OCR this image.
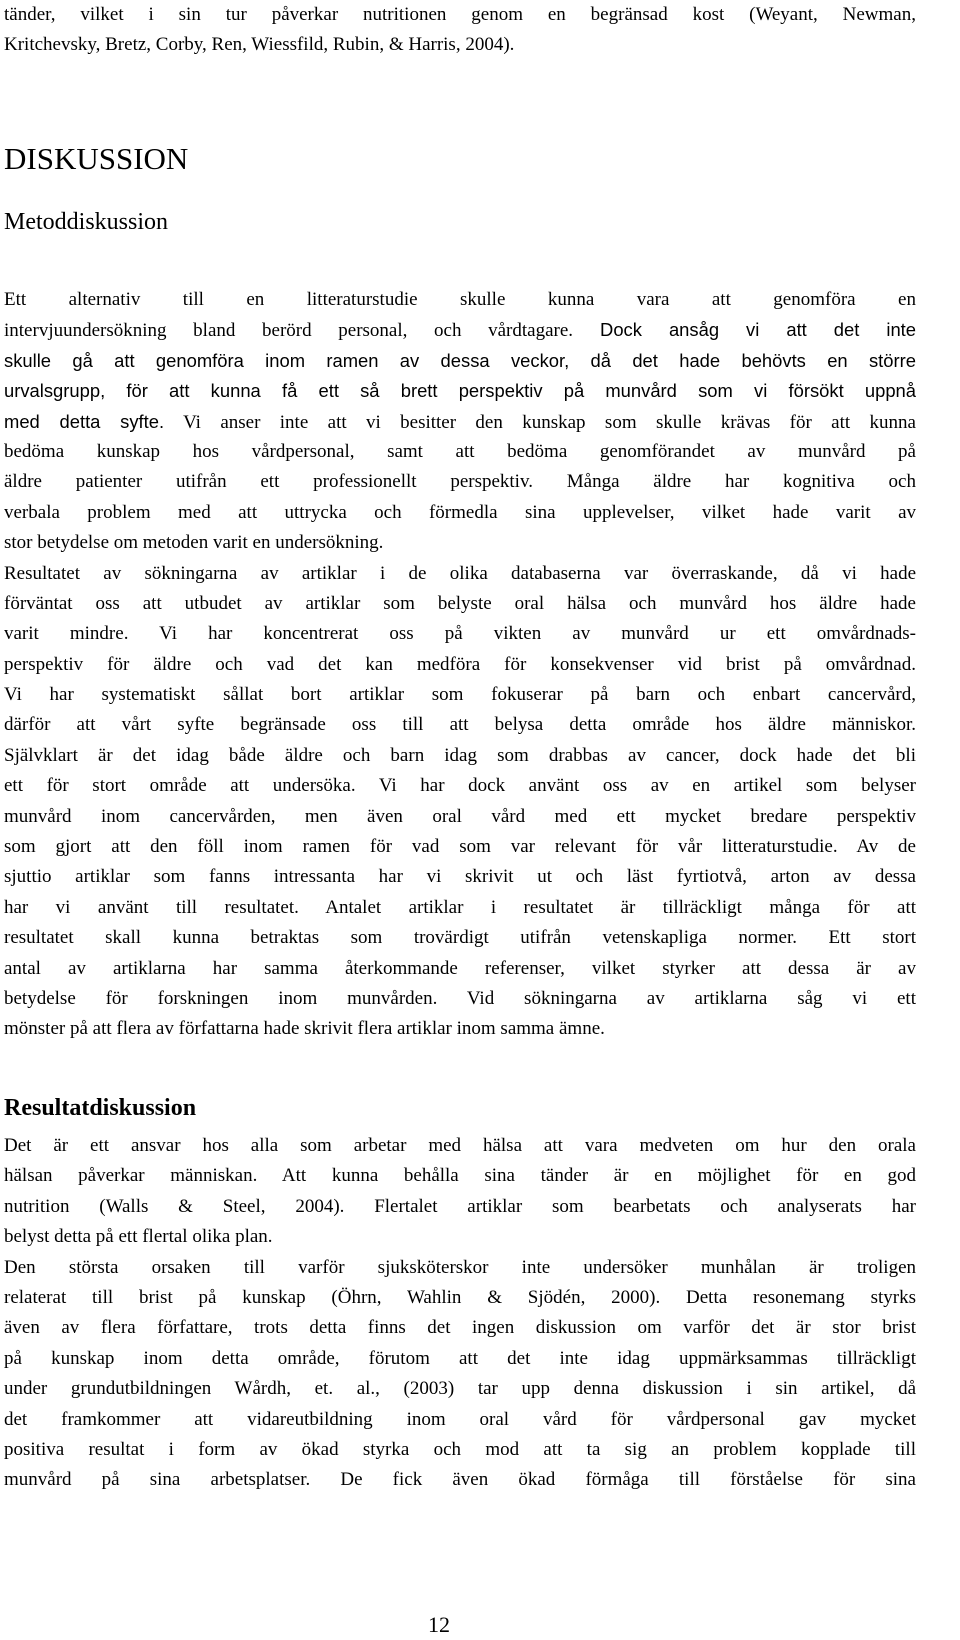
tänder, vilket i sin tur påverkar nutritionen genom en begränsad kost (Weyant, Newman,
Kritchevsky, Bretz, Corby, Ren, Wiessfild, Rubin, & Harris, 2004).
DISKUSSION
Metoddiskussion
Ett alternativ till en litteraturstudie skulle kunna vara att genomföra en
intervjuundersökning bland berörd personal, och vårdtagare. Dock ansåg vi att det inte
skulle gå att genomföra inom ramen av dessa veckor, då det hade behövts en större
urvalsgrupp, för att kunna få ett så brett perspektiv på munvård som vi försökt uppnå
med detta syfte. Vi anser inte att vi besitter den kunskap som skulle krävas för att kunna
bedöma kunskap hos vårdpersonal, samt att bedöma genomförandet av munvård på
äldre patienter utifrån ett professionellt perspektiv. Många äldre har kognitiva och
verbala problem med att uttrycka och förmedla sina upplevelser, vilket hade varit av
stor betydelse om metoden varit en undersökning.
Resultatet av sökningarna av artiklar i de olika databaserna var överraskande, då vi hade
förväntat oss att utbudet av artiklar som belyste oral hälsa och munvård hos äldre hade
varit mindre. Vi har koncentrerat oss på vikten av munvård ur ett omvårdnads-
perspektiv för äldre och vad det kan medföra för konsekvenser vid brist på omvårdnad.
Vi har systematiskt sållat bort artiklar som fokuserar på barn och enbart cancervård,
därför att vårt syfte begränsade oss till att belysa detta område hos äldre människor.
Självklart är det idag både äldre och barn idag som drabbas av cancer, dock hade det bli
ett för stort område att undersöka. Vi har dock använt oss av en artikel som belyser
munvård inom cancervården, men även oral vård med ett mycket bredare perspektiv
som gjort att den föll inom ramen för vad som var relevant för vår litteraturstudie. Av de
sjuttio artiklar som fanns intressanta har vi skrivit ut och läst fyrtiotvå, arton av dessa
har vi använt till resultatet. Antalet artiklar i resultatet är tillräckligt många för att
resultatet skall kunna betraktas som trovärdigt utifrån vetenskapliga normer. Ett stort
antal av artiklarna har samma återkommande referenser, vilket styrker att dessa är av
betydelse för forskningen inom munvården. Vid sökningarna av artiklarna såg vi ett
mönster på att flera av författarna hade skrivit flera artiklar inom samma ämne.
Resultatdiskussion
Det är ett ansvar hos alla som arbetar med hälsa att vara medveten om hur den orala
hälsan påverkar människan. Att kunna behålla sina tänder är en möjlighet för en god
nutrition (Walls & Steel, 2004). Flertalet artiklar som bearbetats och analyserats har
belyst detta på ett flertal olika plan.
Den största orsaken till varför sjuksköterskor inte undersöker munhålan är troligen
relaterat till brist på kunskap (Öhrn, Wahlin & Sjödén, 2000). Detta resonemang styrks
även av flera författare, trots detta finns det ingen diskussion om varför det är stor brist
på kunskap inom detta område, förutom att det inte idag uppmärksammas tillräckligt
under grundutbildningen Wårdh, et. al., (2003) tar upp denna diskussion i sin artikel, då
det framkommer att vidareutbildning inom oral vård för vårdpersonal gav mycket
positiva resultat i form av ökad styrka och mod att ta sig an problem kopplade till
munvård på sina arbetsplatser. De fick även ökad förmåga till förståelse för sina
12
